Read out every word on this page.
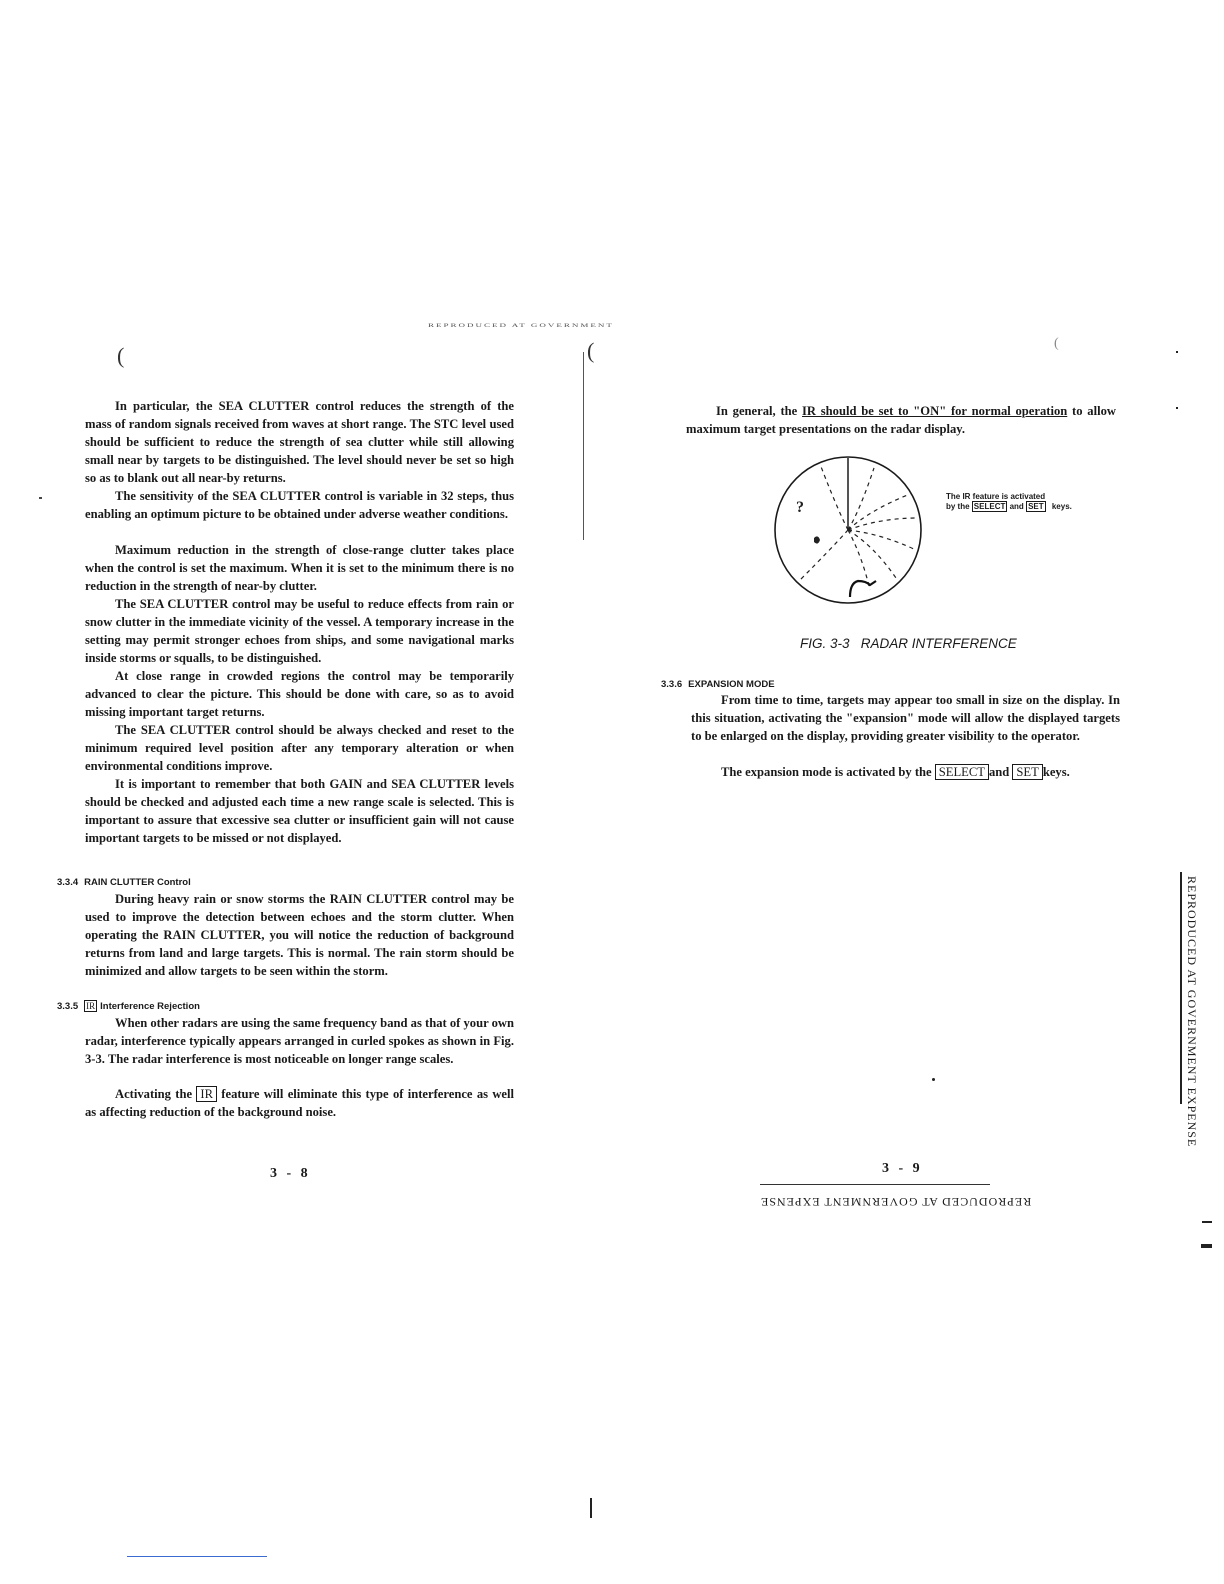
REPRODUCED AT GOVERNMENT
(	(	(

In particular, the SEA CLUTTER control reduces the strength of the mass of random signals received from waves at short range. The STC level used should be sufficient to reduce the strength of sea clutter while still allowing small near by targets to be distinguished. The level should never be set so high so as to blank out all near-by returns.

The sensitivity of the SEA CLUTTER control is variable in 32 steps, thus enabling an optimum picture to be obtained under adverse weather conditions.

Maximum reduction in the strength of close-range clutter takes place when the control is set the maximum. When it is set to the minimum there is no reduction in the strength of near-by clutter.

The SEA CLUTTER control may be useful to reduce effects from rain or snow clutter in the immediate vicinity of the vessel. A temporary increase in the setting may permit stronger echoes from ships, and some navigational marks inside storms or squalls, to be distinguished.

At close range in crowded regions the control may be temporarily advanced to clear the picture. This should be done with care, so as to avoid missing important target returns.

The SEA CLUTTER control should be always checked and reset to the minimum required level position after any temporary alteration or when environmental conditions improve.

It is important to remember that both GAIN and SEA CLUTTER levels should be checked and adjusted each time a new range scale is selected. This is important to assure that excessive sea clutter or insufficient gain will not cause important targets to be missed or not displayed.

3.3.4 RAIN CLUTTER Control

During heavy rain or snow storms the RAIN CLUTTER control may be used to improve the detection between echoes and the storm clutter. When operating the RAIN CLUTTER, you will notice the reduction of background returns from land and large targets. This is normal. The rain storm should be minimized and allow targets to be seen within the storm.

3.3.5 IR Interference Rejection

When other radars are using the same frequency band as that of your own radar, interference typically appears arranged in curled spokes as shown in Fig. 3-3. The radar interference is most noticeable on longer range scales.

Activating the IR feature will eliminate this type of interference as well as affecting reduction of the background noise.

3 - 8

In general, the IR should be set to "ON" for normal operation to allow maximum target presentations on the radar display.

?
The IR feature is activated
by the SELECT and SET keys.
FIG. 3-3   RADAR INTERFERENCE
3.3.6 EXPANSION MODE

From time to time, targets may appear too small in size on the display. In this situation, activating the "expansion" mode will allow the displayed targets to be enlarged on the display, providing greater visibility to the operator.

The expansion mode is activated by the SELECT and SET keys.

3 - 9
REPRODUCED AT GOVERNMENT EXPENSE
REPRODUCED AT GOVERNMENT EXPENSE
